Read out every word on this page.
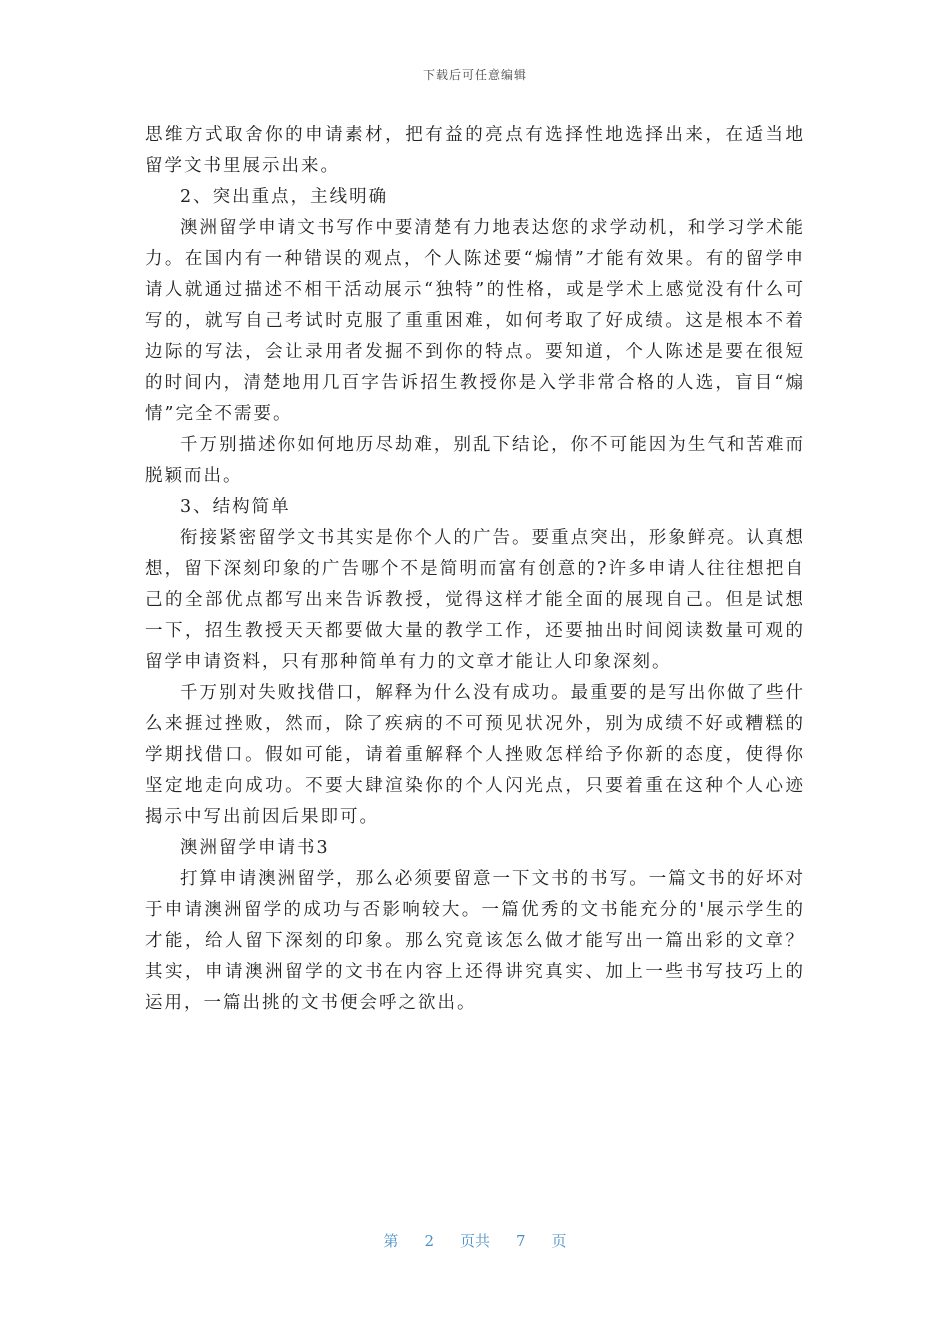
下载后可任意编辑

思维方式取舍你的申请素材，把有益的亮点有选择性地选择出来，在适当地留学文书里展示出来。

2、突出重点，主线明确

澳洲留学申请文书写作中要清楚有力地表达您的求学动机，和学习学术能力。在国内有一种错误的观点，个人陈述要“煽情”才能有效果。有的留学申请人就通过描述不相干活动展示“独特”的性格，或是学术上感觉没有什么可写的，就写自己考试时克服了重重困难，如何考取了好成绩。这是根本不着边际的写法，会让录用者发掘不到你的特点。要知道，个人陈述是要在很短的时间内，清楚地用几百字告诉招生教授你是入学非常合格的人选，盲目“煽情”完全不需要。

千万别描述你如何地历尽劫难，别乱下结论，你不可能因为生气和苦难而脱颖而出。

3、结构简单

衔接紧密留学文书其实是你个人的广告。要重点突出，形象鲜亮。认真想想，留下深刻印象的广告哪个不是简明而富有创意的?许多申请人往往想把自己的全部优点都写出来告诉教授，觉得这样才能全面的展现自己。但是试想一下，招生教授天天都要做大量的教学工作，还要抽出时间阅读数量可观的留学申请资料，只有那种简单有力的文章才能让人印象深刻。

千万别对失败找借口，解释为什么没有成功。最重要的是写出你做了些什么来捱过挫败，然而，除了疾病的不可预见状况外，别为成绩不好或糟糕的学期找借口。假如可能，请着重解释个人挫败怎样给予你新的态度，使得你坚定地走向成功。不要大肆渲染你的个人闪光点，只要着重在这种个人心迹揭示中写出前因后果即可。

澳洲留学申请书3

打算申请澳洲留学，那么必须要留意一下文书的书写。一篇文书的好坏对于申请澳洲留学的成功与否影响较大。一篇优秀的文书能充分的'展示学生的才能，给人留下深刻的印象。那么究竟该怎么做才能写出一篇出彩的文章？其实，申请澳洲留学的文书在内容上还得讲究真实、加上一些书写技巧上的运用，一篇出挑的文书便会呼之欲出。

第 2 页共 7 页
